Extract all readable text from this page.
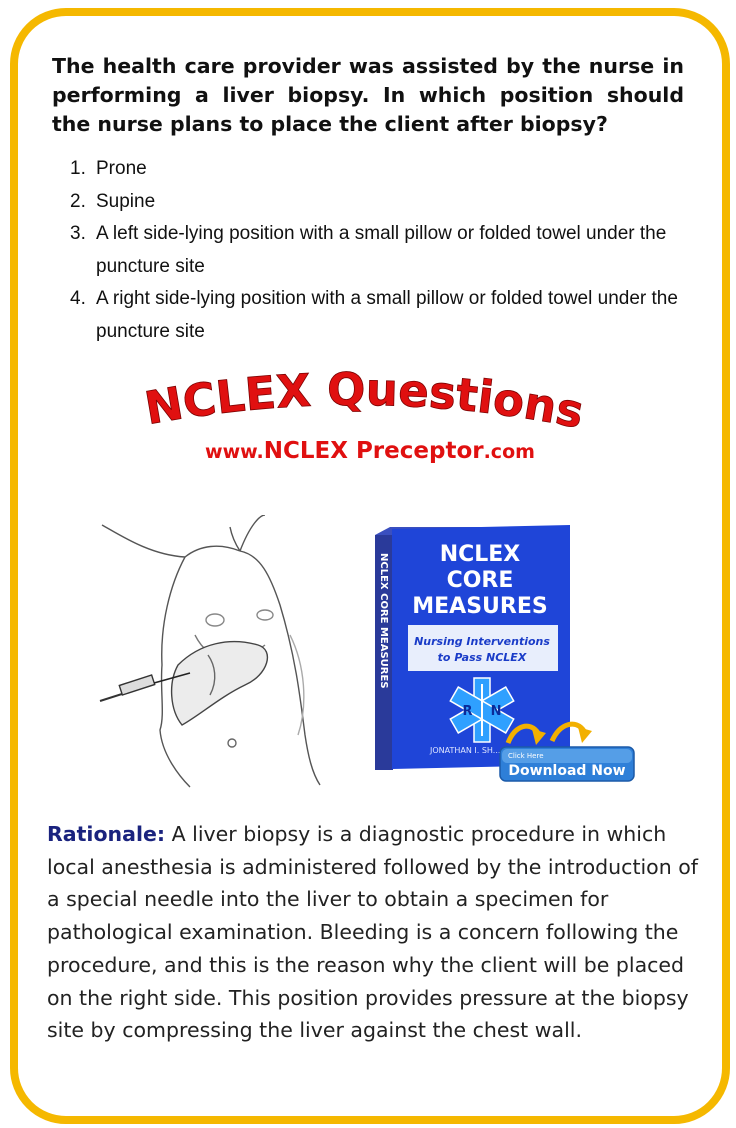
The health care provider was assisted by the nurse in performing a liver biopsy. In which position should the nurse plans to place the client after biopsy?
1. Prone
2. Supine
3. A left side-lying position with a small pillow or folded towel under the puncture site
4. A right side-lying position with a small pillow or folded towel under the puncture site
NCLEX Questions
www.NCLEX Preceptor.com
NCLEX
CORE
MEASURES
Nursing Interventions
to Pass NCLEX
NCLEX CORE MEASURES
R    N
JONATHAN I. SH...
Click Here
Download Now
Rationale: A liver biopsy is a diagnostic procedure in which local anesthesia is administered followed by the introduction of a special needle into the liver to obtain a specimen for pathological examination. Bleeding is a concern following the procedure, and this is the reason why the client will be placed on the right side. This position provides pressure at the biopsy site by compressing the liver against the chest wall.
